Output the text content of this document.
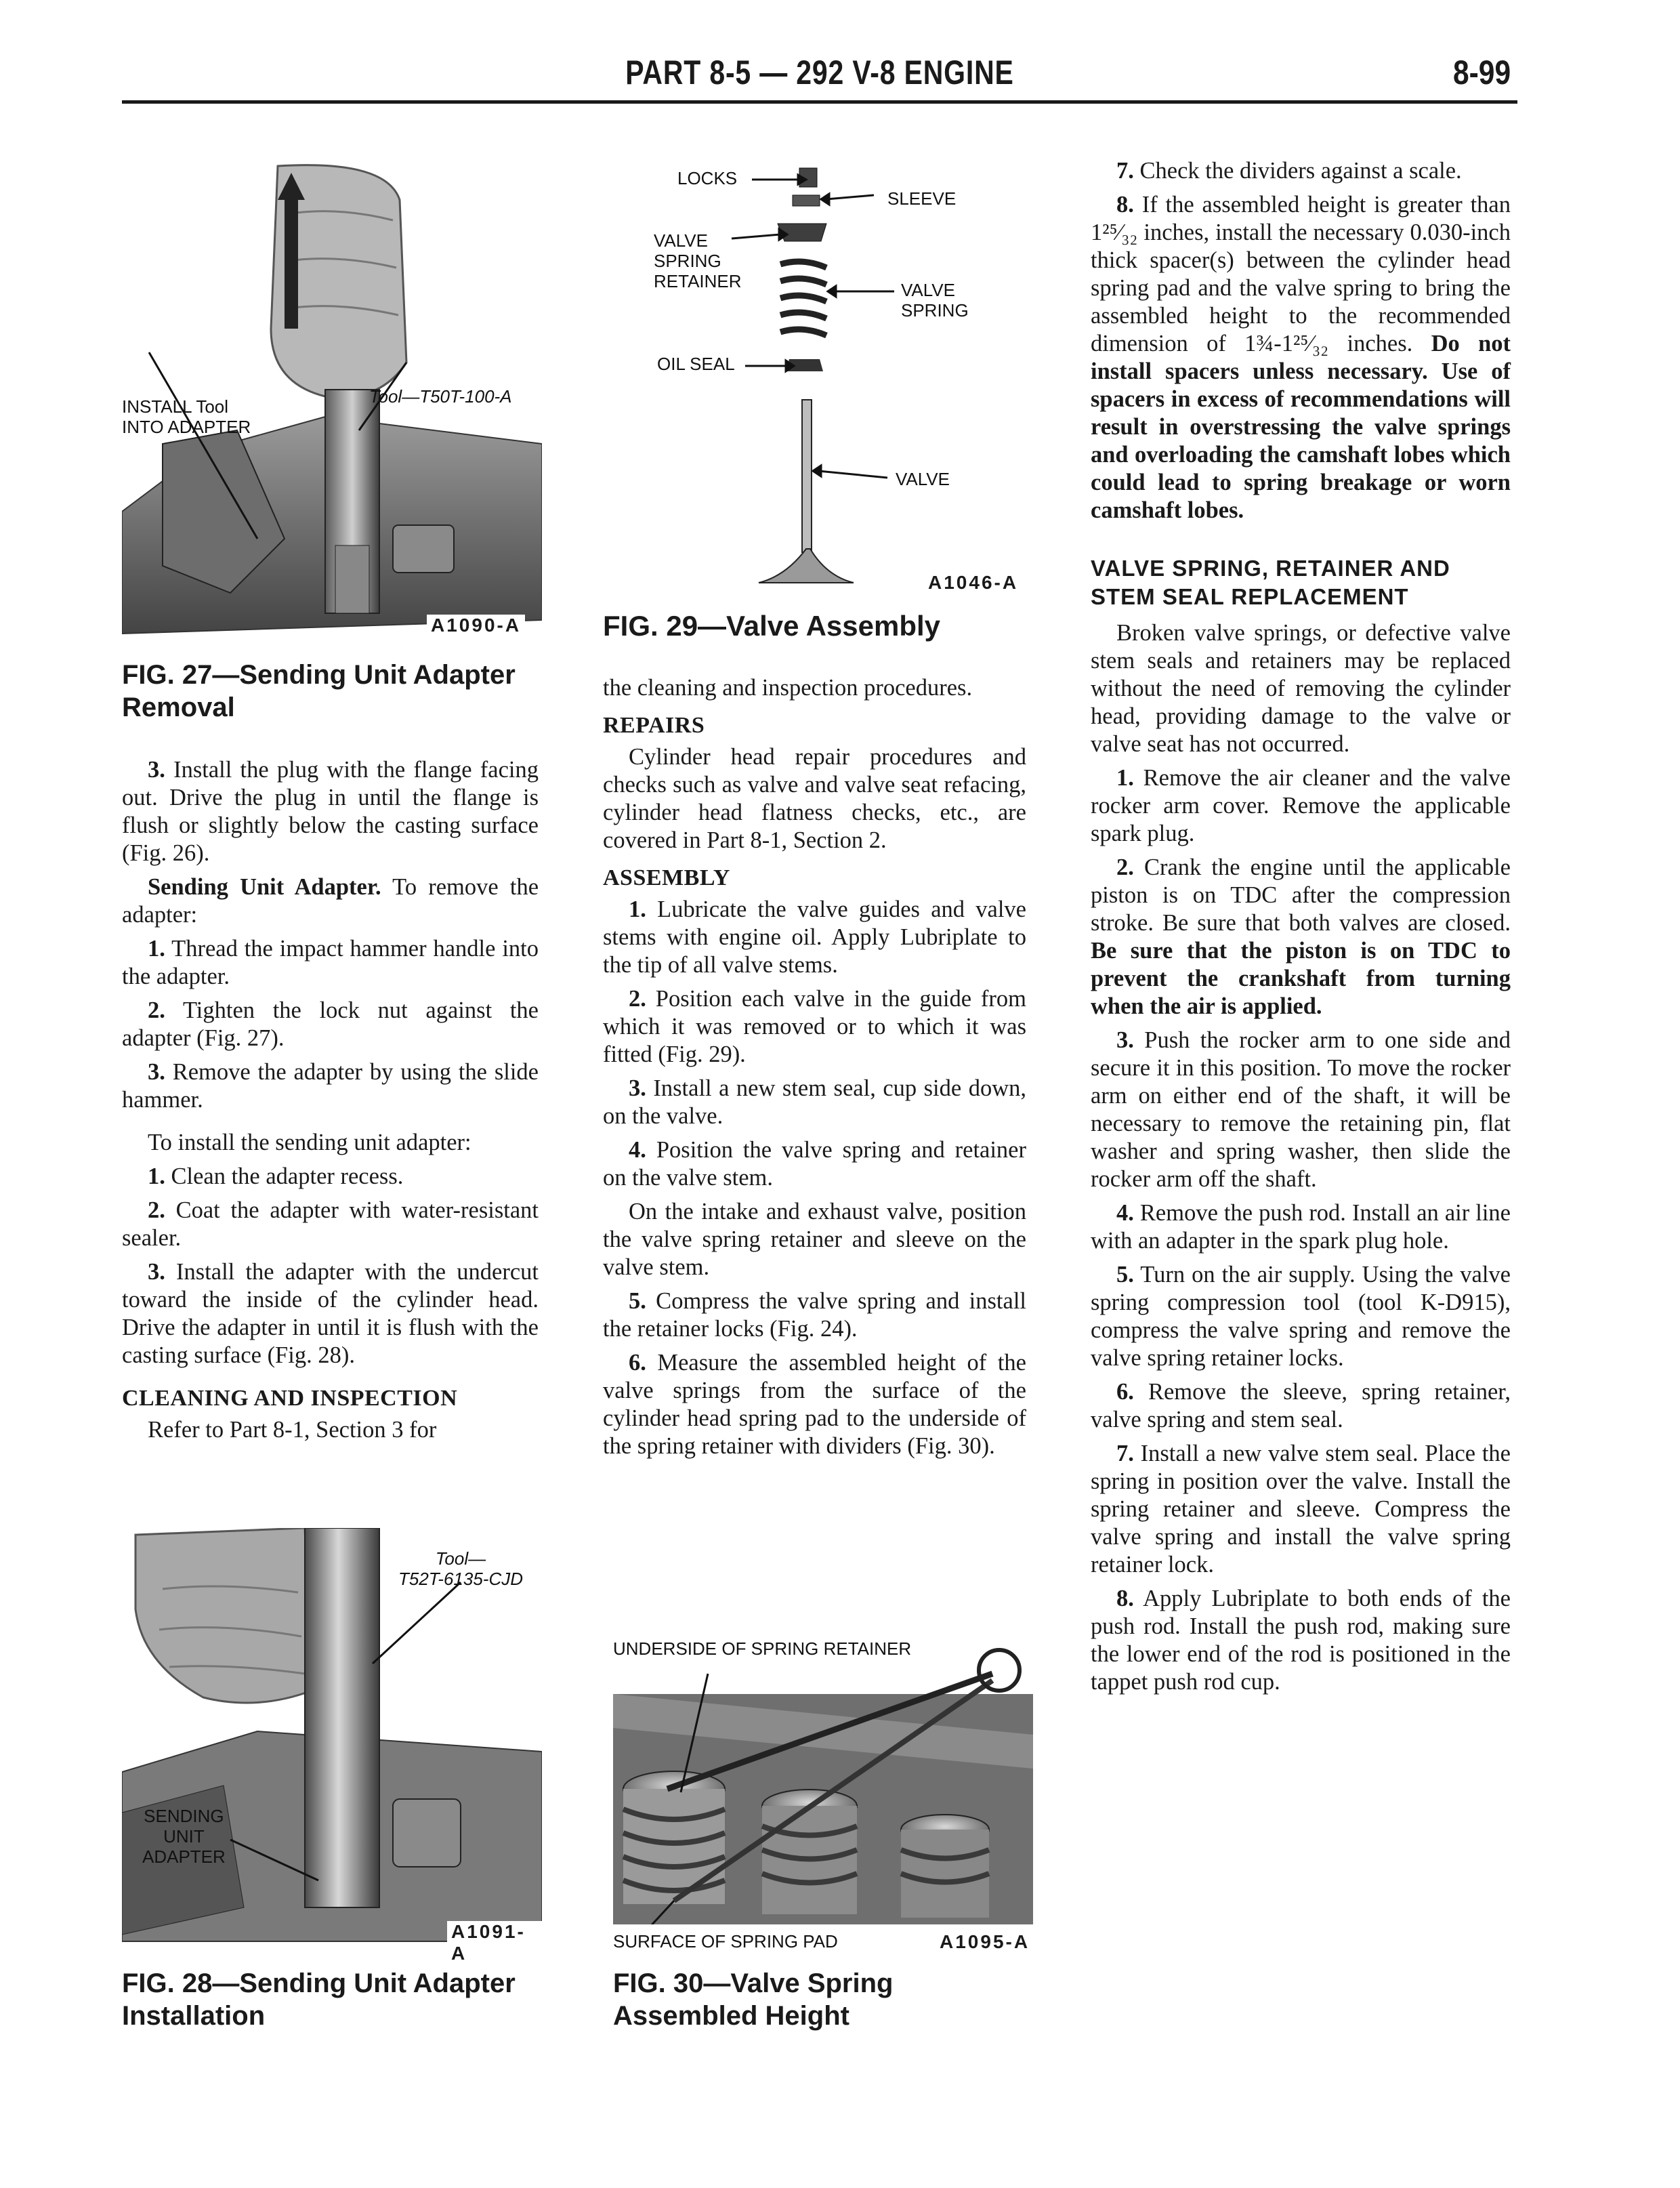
PART 8-5 — 292 V-8 ENGINE	8-99
INSTALL Tool
INTO ADAPTER
Tool—T50T-100-A
A1090-A
FIG. 27—Sending Unit Adapter
Removal

3. Install the plug with the flange facing out. Drive the plug in until the flange is flush or slightly below the casting surface (Fig. 26).

Sending Unit Adapter. To remove the adapter:

1. Thread the impact hammer handle into the adapter.

2. Tighten the lock nut against the adapter (Fig. 27).

3. Remove the adapter by using the slide hammer.

To install the sending unit adapter:

1. Clean the adapter recess.

2. Coat the adapter with water-resistant sealer.

3. Install the adapter with the undercut toward the inside of the cylinder head. Drive the adapter in until it is flush with the casting surface (Fig. 28).

CLEANING AND INSPECTION

Refer to Part 8-1, Section 3 for

Tool—
T52T-6135-CJD
SENDING
UNIT
ADAPTER
A1091-A
FIG. 28—Sending Unit Adapter
Installation
LOCKS
SLEEVE
VALVE
SPRING
RETAINER	VALVE
SPRING
OIL SEAL
VALVE
A1046-A
FIG. 29—Valve Assembly

the cleaning and inspection procedures.

REPAIRS

Cylinder head repair procedures and checks such as valve and valve seat refacing, cylinder head flatness checks, etc., are covered in Part 8-1, Section 2.

ASSEMBLY

1. Lubricate the valve guides and valve stems with engine oil. Apply Lubriplate to the tip of all valve stems.

2. Position each valve in the guide from which it was removed or to which it was fitted (Fig. 29).

3. Install a new stem seal, cup side down, on the valve.

4. Position the valve spring and retainer on the valve stem.

On the intake and exhaust valve, position the valve spring retainer and sleeve on the valve stem.

5. Compress the valve spring and install the retainer locks (Fig. 24).

6. Measure the assembled height of the valve springs from the surface of the cylinder head spring pad to the underside of the spring retainer with dividers (Fig. 30).

UNDERSIDE OF SPRING RETAINER
SURFACE OF SPRING PAD	A1095-A
FIG. 30—Valve Spring
Assembled Height

7. Check the dividers against a scale.

8. If the assembled height is greater than 1²⁵⁄₃₂ inches, install the necessary 0.030-inch thick spacer(s) between the cylinder head spring pad and the valve spring to bring the assembled height to the recommended dimension of 1¾-1²⁵⁄₃₂ inches. Do not install spacers unless necessary. Use of spacers in excess of recommendations will result in overstressing the valve springs and overloading the camshaft lobes which could lead to spring breakage or worn camshaft lobes.

VALVE SPRING, RETAINER AND STEM SEAL REPLACEMENT

Broken valve springs, or defective valve stem seals and retainers may be replaced without the need of removing the cylinder head, providing damage to the valve or valve seat has not occurred.

1. Remove the air cleaner and the valve rocker arm cover. Remove the applicable spark plug.

2. Crank the engine until the applicable piston is on TDC after the compression stroke. Be sure that both valves are closed. Be sure that the piston is on TDC to prevent the crankshaft from turning when the air is applied.

3. Push the rocker arm to one side and secure it in this position. To move the rocker arm on either end of the shaft, it will be necessary to remove the retaining pin, flat washer and spring washer, then slide the rocker arm off the shaft.

4. Remove the push rod. Install an air line with an adapter in the spark plug hole.

5. Turn on the air supply. Using the valve spring compression tool (tool K-D915), compress the valve spring and remove the valve spring retainer locks.

6. Remove the sleeve, spring retainer, valve spring and stem seal.

7. Install a new valve stem seal. Place the spring in position over the valve. Install the spring retainer and sleeve. Compress the valve spring and install the valve spring retainer lock.

8. Apply Lubriplate to both ends of the push rod. Install the push rod, making sure the lower end of the rod is positioned in the tappet push rod cup.
